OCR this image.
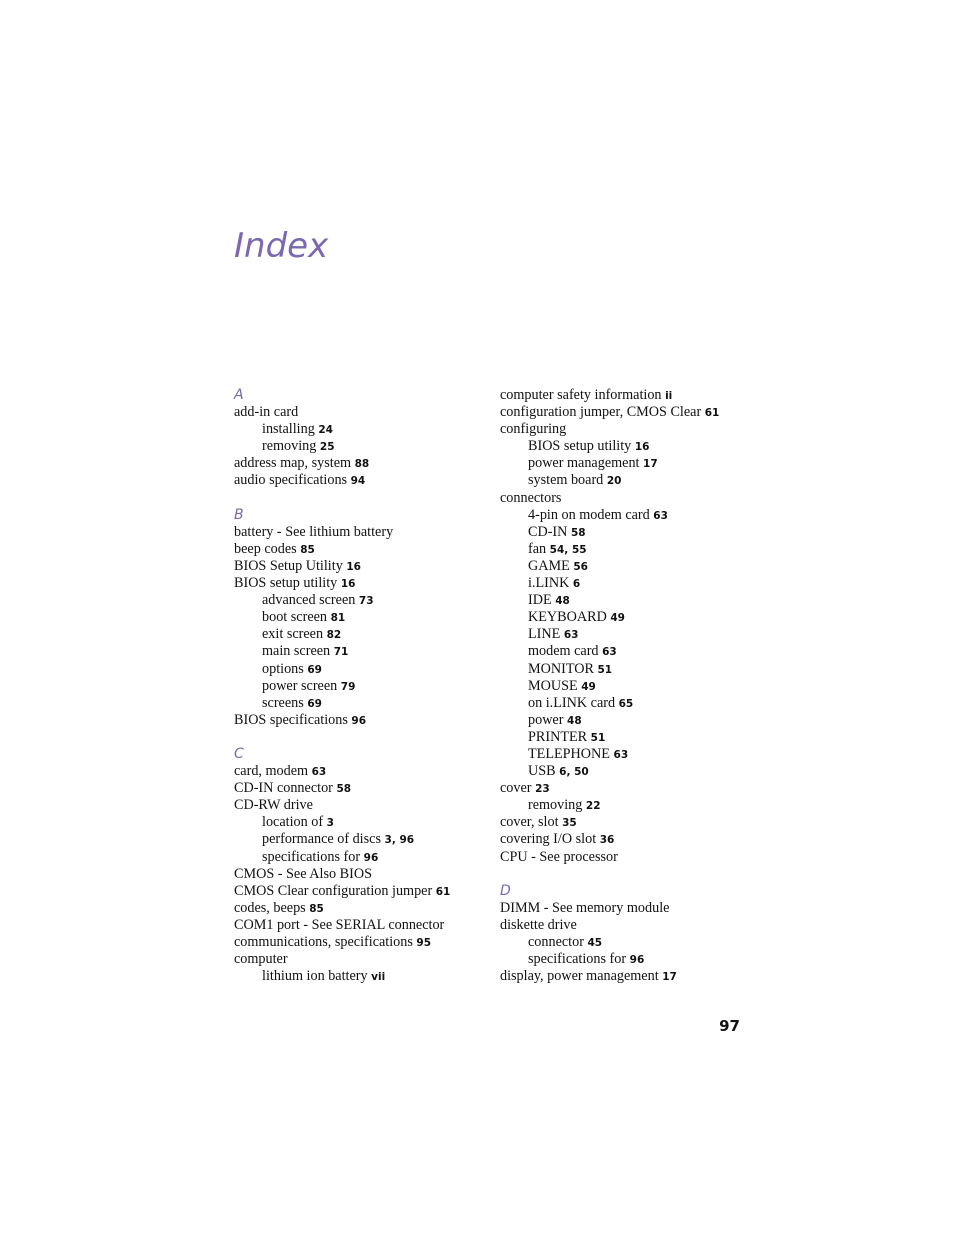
Index
A
add-in card
installing 24
removing 25
address map, system 88
audio specifications 94
B
battery - See lithium battery
beep codes 85
BIOS Setup Utility 16
BIOS setup utility 16
advanced screen 73
boot screen 81
exit screen 82
main screen 71
options 69
power screen 79
screens 69
BIOS specifications 96
C
card, modem 63
CD-IN connector 58
CD-RW drive
location of 3
performance of discs 3, 96
specifications for 96
CMOS - See Also BIOS
CMOS Clear configuration jumper 61
codes, beeps 85
COM1 port - See SERIAL connector
communications, specifications 95
computer
lithium ion battery vii
computer safety information ii
configuration jumper, CMOS Clear 61
configuring
BIOS setup utility 16
power management 17
system board 20
connectors
4-pin on modem card 63
CD-IN 58
fan 54, 55
GAME 56
i.LINK 6
IDE 48
KEYBOARD 49
LINE 63
modem card 63
MONITOR 51
MOUSE 49
on i.LINK card 65
power 48
PRINTER 51
TELEPHONE 63
USB 6, 50
cover 23
removing 22
cover, slot 35
covering I/O slot 36
CPU - See processor
D
DIMM - See memory module
diskette drive
connector 45
specifications for 96
display, power management 17
97
